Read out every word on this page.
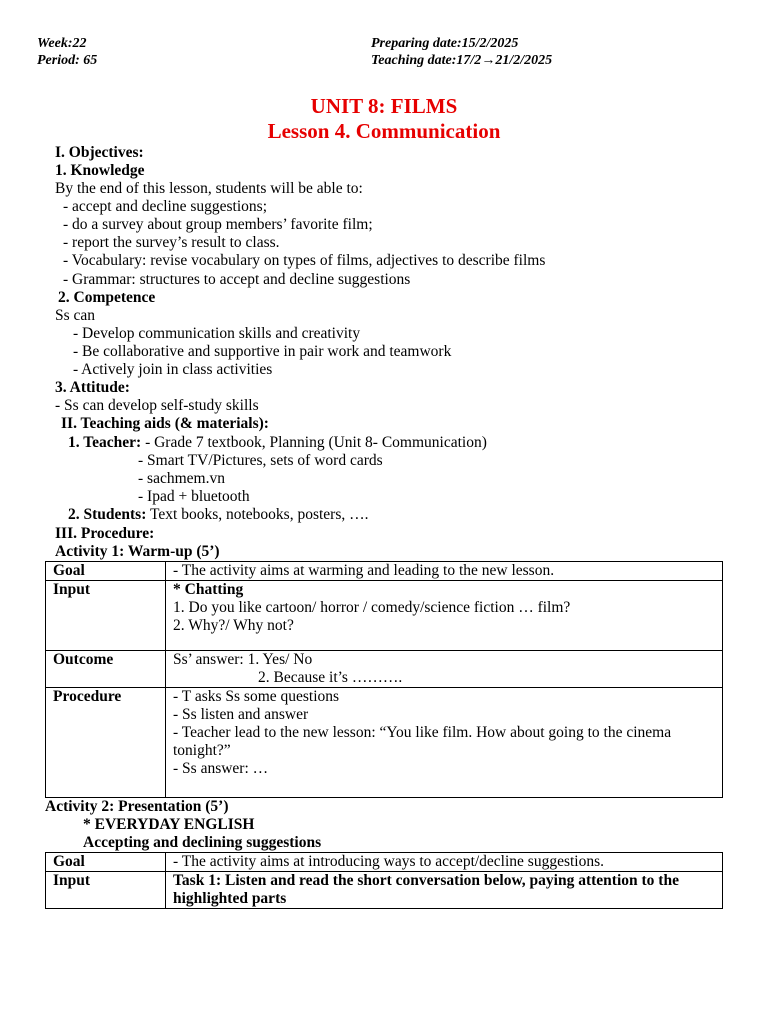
Week:22
Period: 65
Preparing date:15/2/2025
Teaching date:17/2→21/2/2025
UNIT 8: FILMS
Lesson 4. Communication
I. Objectives:
1. Knowledge
By the end of this lesson, students will be able to:
- accept and decline suggestions;
- do a survey about group members’ favorite film;
- report the survey’s result to class.
- Vocabulary: revise vocabulary on types of films, adjectives to describe films
- Grammar: structures to accept and decline suggestions
2. Competence
Ss can
- Develop communication skills and creativity
- Be collaborative and supportive in pair work and teamwork
- Actively join in class activities
3. Attitude:
- Ss can develop self-study skills
II. Teaching aids (& materials):
1. Teacher: - Grade 7 textbook, Planning (Unit 8- Communication)
- Smart TV/Pictures, sets of word cards
- sachmem.vn
- Ipad + bluetooth
2. Students: Text books, notebooks, posters, ….
III. Procedure:
Activity 1: Warm-up (5’)
Goal	- The activity aims at warming and leading to the new lesson.
Input	* Chatting
1. Do you like cartoon/ horror / comedy/science fiction … film?
2. Why?/ Why not?

Outcome	Ss’ answer: 1. Yes/ No
2. Because it’s ……….

Procedure	- T asks Ss some questions
- Ss listen and answer
- Teacher lead to the new lesson: “You like film. How about going to the cinema tonight?”
- Ss answer: …
Activity 2: Presentation (5’)
* EVERYDAY ENGLISH
Accepting and declining suggestions
Goal	- The activity aims at introducing ways to accept/decline suggestions.
Input	Task 1: Listen and read the short conversation below, paying attention to the highlighted parts
